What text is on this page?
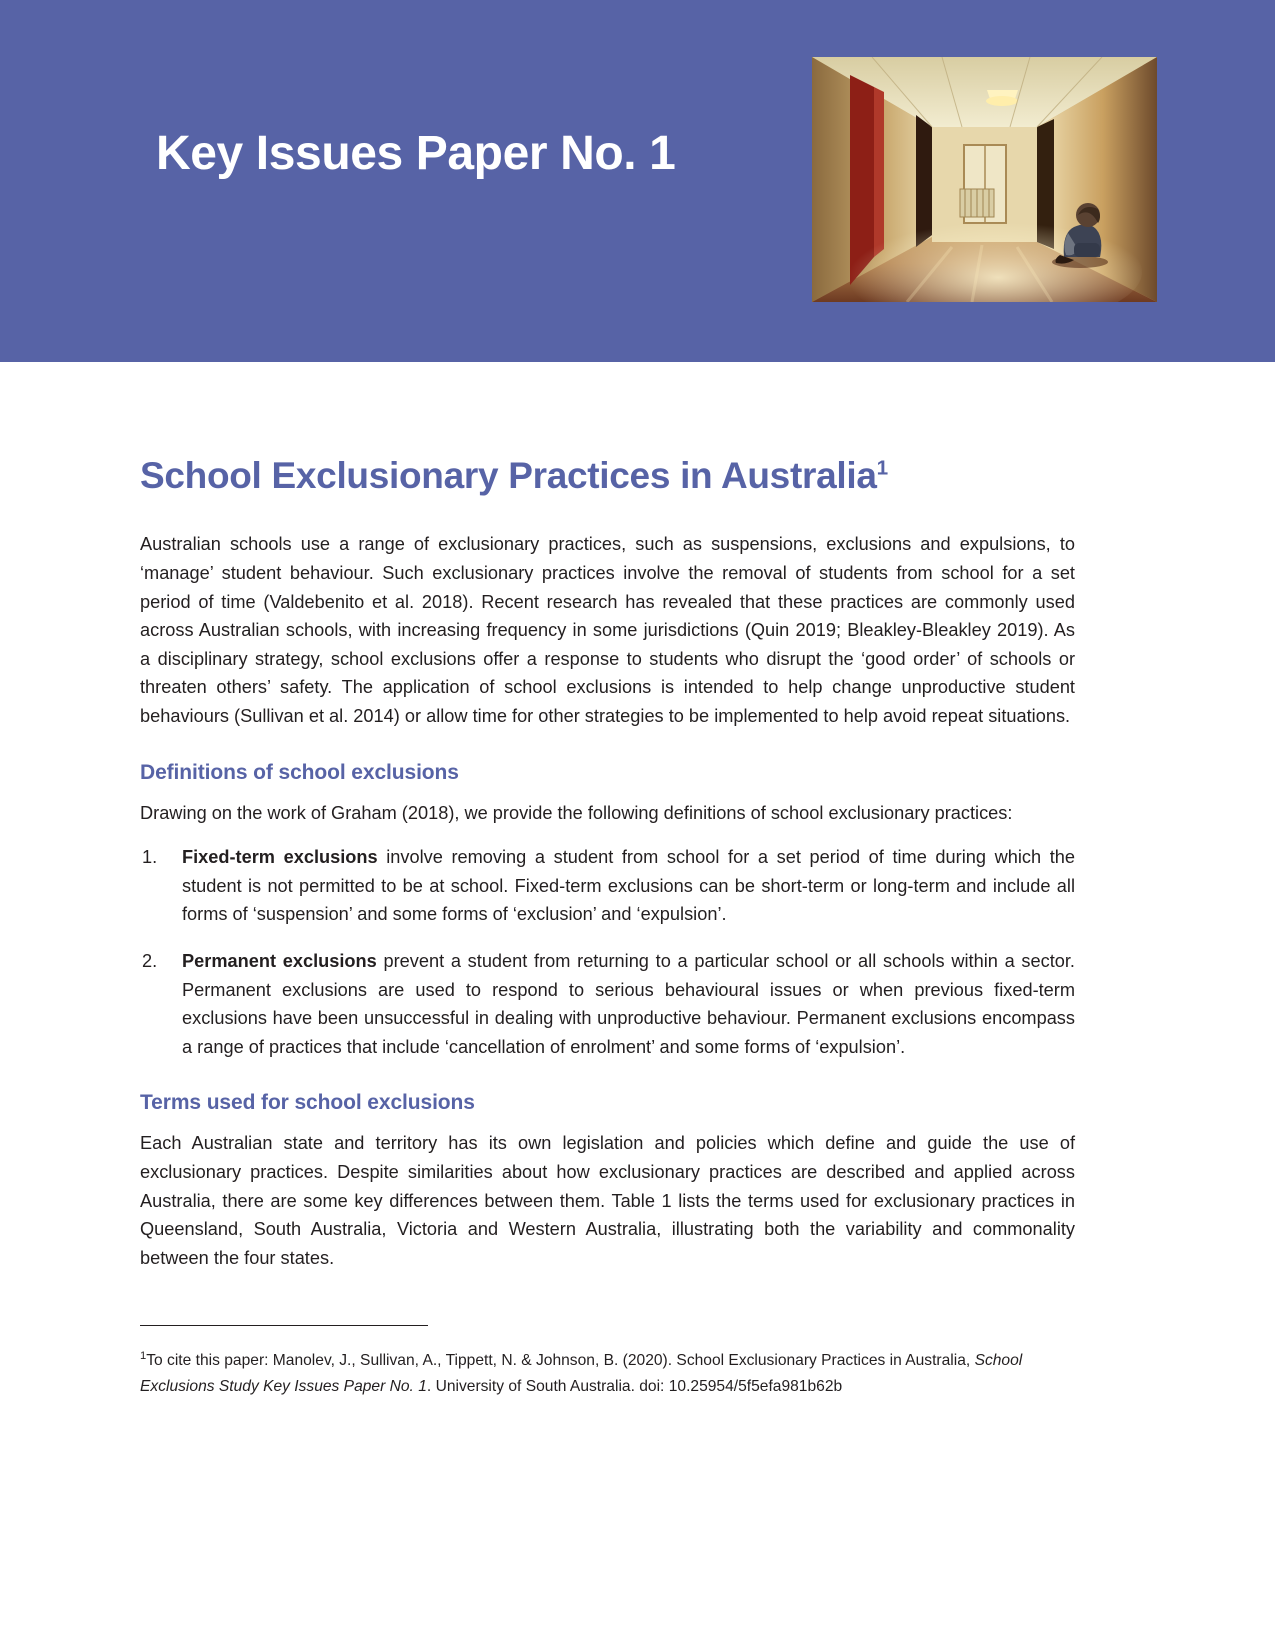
Key Issues Paper No. 1
School Exclusionary Practices in Australia$^1$

Australian schools use a range of exclusionary practices, such as suspensions, exclusions and expulsions, to ‘manage’ student behaviour. Such exclusionary practices involve the removal of students from school for a set period of time (Valdebenito et al. 2018). Recent research has revealed that these practices are commonly used across Australian schools, with increasing frequency in some jurisdictions (Quin 2019; Bleakley-Bleakley 2019). As a disciplinary strategy, school exclusions offer a response to students who disrupt the ‘good order’ of schools or threaten others’ safety. The application of school exclusions is intended to help change unproductive student behaviours (Sullivan et al. 2014) or allow time for other strategies to be implemented to help avoid repeat situations.

Definitions of school exclusions

Drawing on the work of Graham (2018), we provide the following definitions of school exclusionary practices:

1.	Fixed-term exclusions involve removing a student from school for a set period of time during which the student is not permitted to be at school. Fixed-term exclusions can be short-term or long-term and include all forms of ‘suspension’ and some forms of ‘exclusion’ and ‘expulsion’.
2.	Permanent exclusions prevent a student from returning to a particular school or all schools within a sector. Permanent exclusions are used to respond to serious behavioural issues or when previous fixed-term exclusions have been unsuccessful in dealing with unproductive behaviour. Permanent exclusions encompass a range of practices that include ‘cancellation of enrolment’ and some forms of ‘expulsion’.
Terms used for school exclusions

Each Australian state and territory has its own legislation and policies which define and guide the use of exclusionary practices. Despite similarities about how exclusionary practices are described and applied across Australia, there are some key differences between them. Table 1 lists the terms used for exclusionary practices in Queensland, South Australia, Victoria and Western Australia, illustrating both the variability and commonality between the four states.

$^1$To cite this paper: Manolev, J., Sullivan, A., Tippett, N. & Johnson, B. (2020). School Exclusionary Practices in Australia, School Exclusions Study Key Issues Paper No. 1. University of South Australia. doi: 10.25954/5f5efa981b62b
